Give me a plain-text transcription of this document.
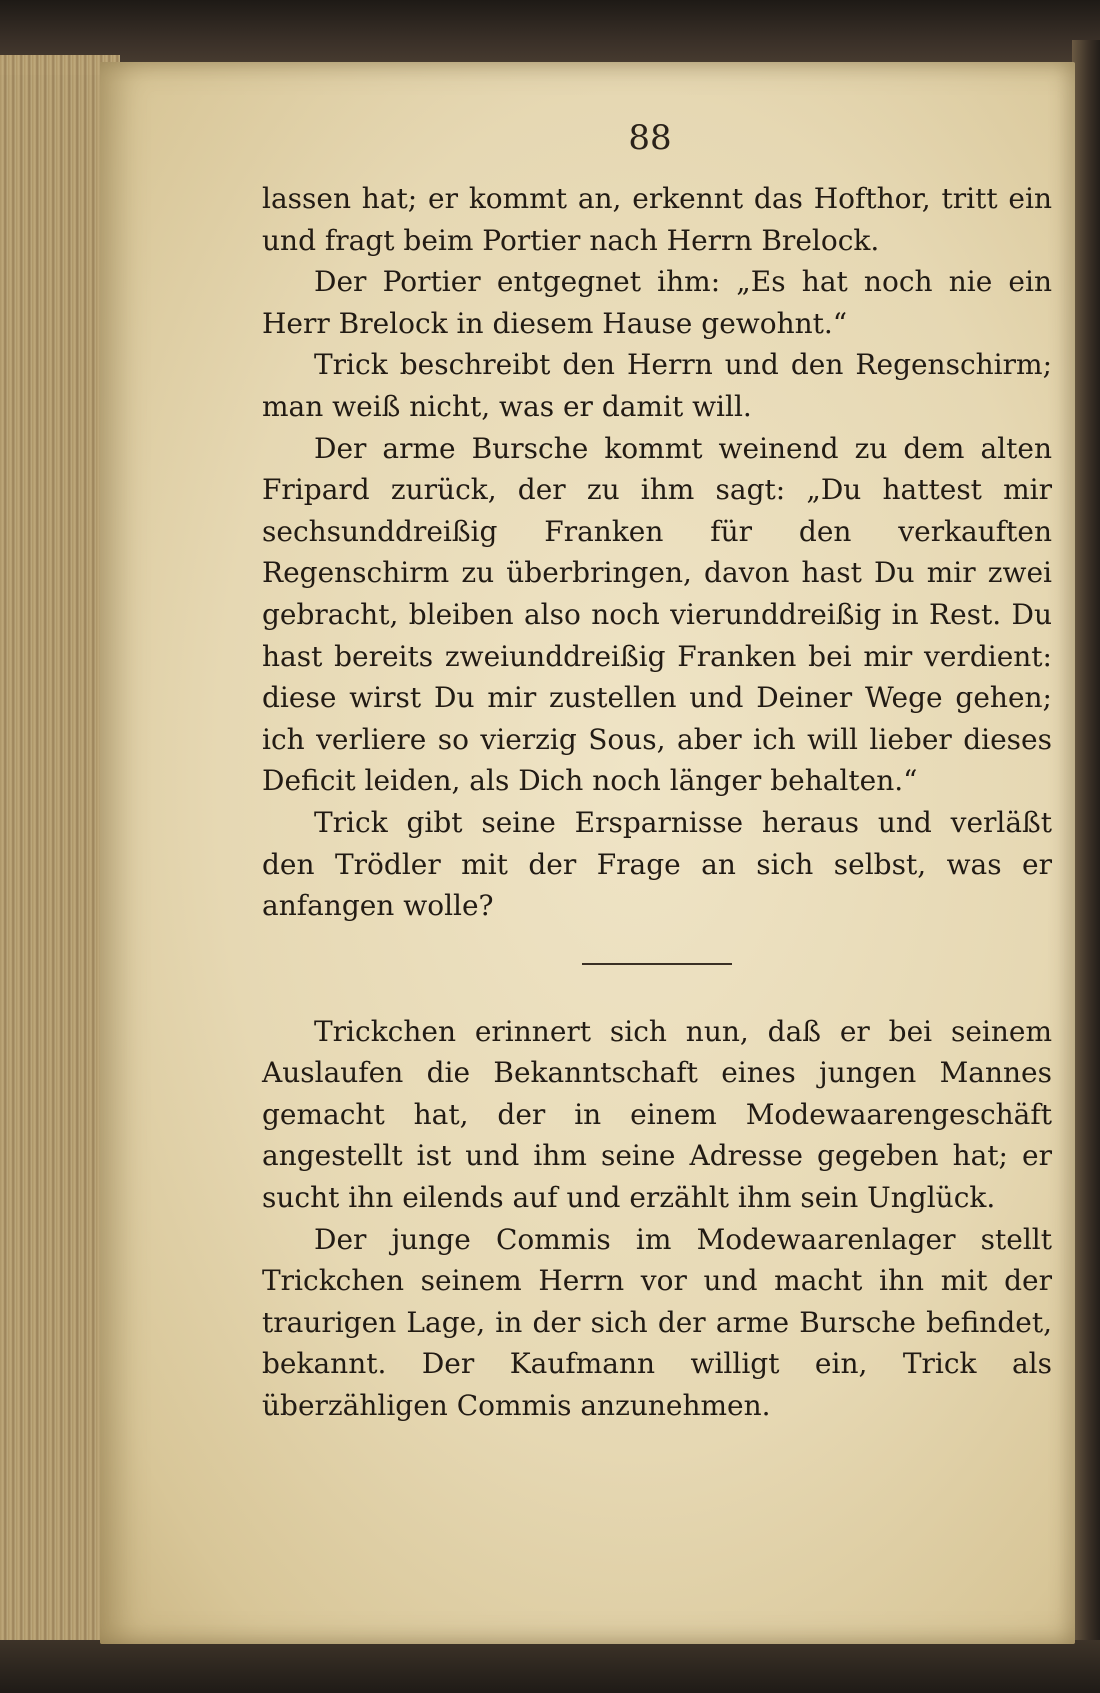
88

lassen hat; er kommt an, erkennt das Hofthor, tritt ein und fragt beim Portier nach Herrn Brelock.

Der Portier entgegnet ihm: „Es hat noch nie ein Herr Brelock in diesem Hause gewohnt.“

Trick beschreibt den Herrn und den Regenschirm; man weiß nicht, was er damit will.

Der arme Bursche kommt weinend zu dem alten Fripard zurück, der zu ihm sagt: „Du hattest mir sechsunddreißig Franken für den verkauften Regenschirm zu überbringen, davon hast Du mir zwei gebracht, bleiben also noch vierunddreißig in Rest. Du hast bereits zweiunddreißig Franken bei mir verdient: diese wirst Du mir zustellen und Deiner Wege gehen; ich verliere so vierzig Sous, aber ich will lieber dieses Deficit leiden, als Dich noch länger behalten.“

Trick gibt seine Ersparnisse heraus und verläßt den Trödler mit der Frage an sich selbst, was er anfangen wolle?

Trickchen erinnert sich nun, daß er bei seinem Auslaufen die Bekanntschaft eines jungen Mannes gemacht hat, der in einem Modewaarengeschäft angestellt ist und ihm seine Adresse gegeben hat; er sucht ihn eilends auf und erzählt ihm sein Unglück.

Der junge Commis im Modewaarenlager stellt Trickchen seinem Herrn vor und macht ihn mit der traurigen Lage, in der sich der arme Bursche befindet, bekannt. Der Kaufmann willigt ein, Trick als überzähligen Commis anzunehmen.
